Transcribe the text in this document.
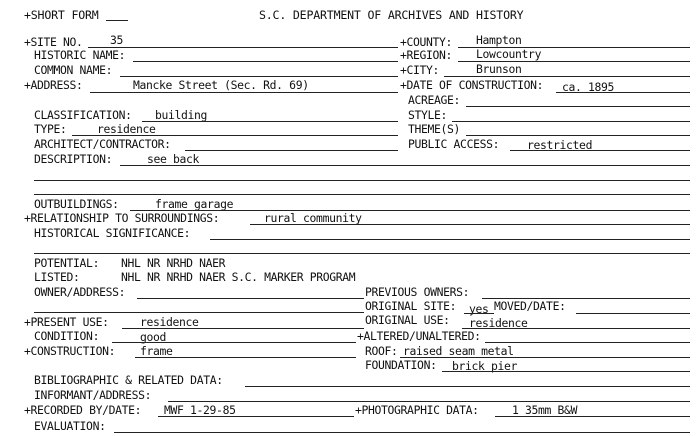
+SHORT FORM	S.C. DEPARTMENT OF ARCHIVES AND HISTORY
+SITE NO. 35	+COUNTY: Hampton
HISTORIC NAME:	+REGION: Lowcountry
COMMON NAME:	+CITY:	Brunson
+ADDRESS:	Mancke Street (Sec. Rd. 69)	+DATE OF CONSTRUCTION: ca. 1895
ACREAGE:
CLASSIFICATION: building	STYLE:
TYPE:	residence	THEME(S)
ARCHITECT/CONTRACTOR:	PUBLIC ACCESS: restricted
DESCRIPTION:	see back
OUTBUILDINGS:	frame garage
+RELATIONSHIP TO SURROUNDINGS:	rural community
HISTORICAL SIGNIFICANCE:
POTENTIAL: NHL NR NRHD NAER
LISTED:	NHL NR NRHD NAER S.C. MARKER PROGRAM
OWNER/ADDRESS:	PREVIOUS OWNERS:
ORIGINAL SITE: yes MOVED/DATE:
+PRESENT USE:	residence	ORIGINAL USE: residence
CONDITION:	good	+ALTERED/UNALTERED:
+CONSTRUCTION: frame	ROOF: raised seam metal
FOUNDATION: brick pier
BIBLIOGRAPHIC & RELATED DATA:
INFORMANT/ADDRESS:
+RECORDED BY/DATE: MWF 1-29-85	+PHOTOGRAPHIC DATA:	1 35mm B&W
EVALUATION:
